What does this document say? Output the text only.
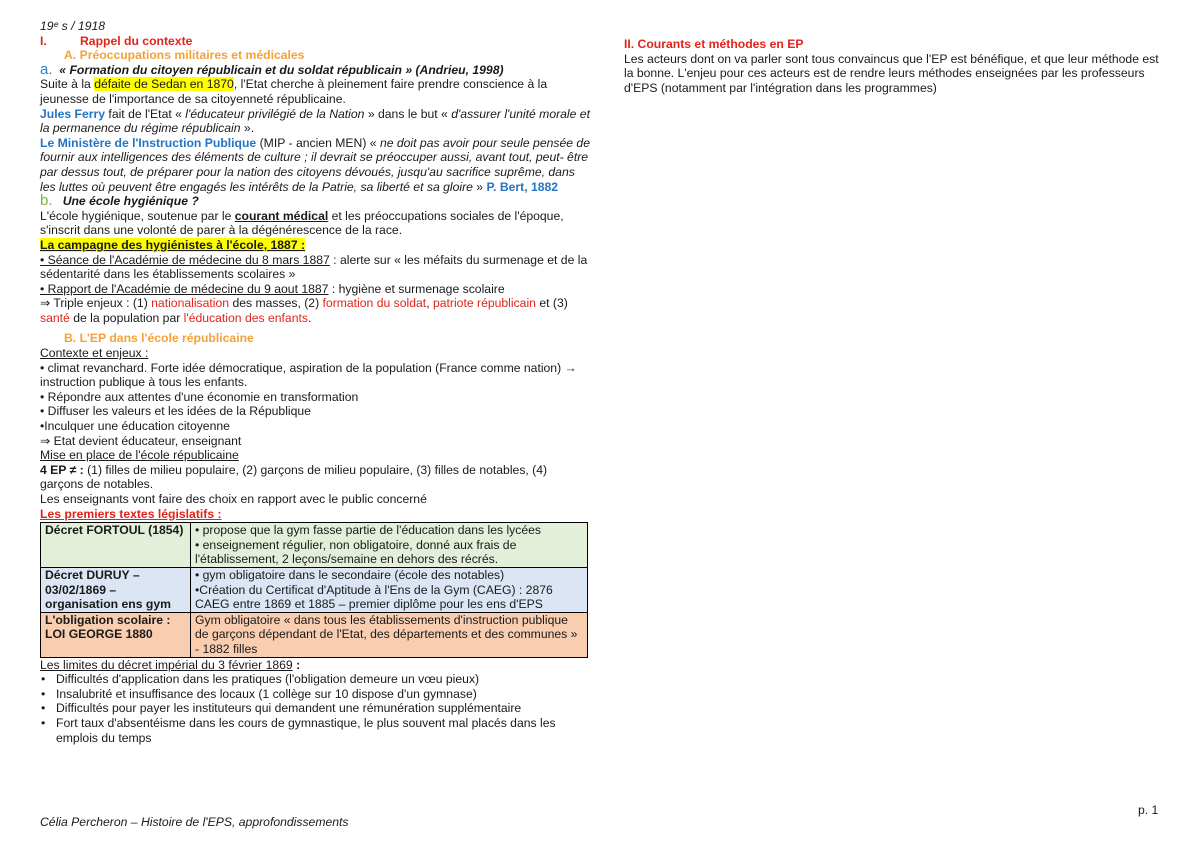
19ᵉ s / 1918

I.	Rappel du contexte

A. Préoccupations militaires et médicales

a. « Formation du citoyen républicain et du soldat républicain » (Andrieu, 1998)

Suite à la défaite de Sedan en 1870, l'Etat cherche à pleinement faire prendre conscience à la jeunesse de l'importance de sa citoyenneté républicaine.

Jules Ferry fait de l'Etat « l'éducateur privilégié de la Nation » dans le but « d'assurer l'unité morale et la permanence du régime républicain ».

Le Ministère de l'Instruction Publique (MIP - ancien MEN) « ne doit pas avoir pour seule pensée de fournir aux intelligences des éléments de culture ; il devrait se préoccuper aussi, avant tout, peut- être par dessus tout, de préparer pour la nation des citoyens dévoués, jusqu'au sacrifice suprême, dans les luttes où peuvent être engagés les intérêts de la Patrie, sa liberté et sa gloire » P. Bert, 1882

b. Une école hygiénique ?

L'école hygiénique, soutenue par le courant médical et les préoccupations sociales de l'époque, s'inscrit dans une volonté de parer à la dégénérescence de la race.

La campagne des hygiénistes à l'école, 1887 :

• Séance de l'Académie de médecine du 8 mars 1887 : alerte sur « les méfaits du surmenage et de la sédentarité dans les établissements scolaires »

• Rapport de l'Académie de médecine du 9 aout 1887 : hygiène et surmenage scolaire

⇒ Triple enjeux : (1) nationalisation des masses, (2) formation du soldat, patriote républicain et (3) santé de la population par l'éducation des enfants.

B. L'EP dans l'école républicaine

Contexte et enjeux :

• climat revanchard. Forte idée démocratique, aspiration de la population (France comme nation) → instruction publique à tous les enfants.

• Répondre aux attentes d'une économie en transformation

• Diffuser les valeurs et les idées de la République

•Inculquer une éducation citoyenne

⇒ Etat devient éducateur, enseignant

Mise en place de l'école républicaine

4 EP ≠ : (1) filles de milieu populaire, (2) garçons de milieu populaire, (3) filles de notables, (4) garçons de notables.

Les enseignants vont faire des choix en rapport avec le public concerné

Les premiers textes législatifs :

Décret FORTOUL (1854)	• propose que la gym fasse partie de l'éducation dans les lycées
• enseignement régulier, non obligatoire, donné aux frais de l'établissement, 2 leçons/semaine en dehors des récrés.
Décret DURUY – 03/02/1869 – organisation ens gym	• gym obligatoire dans le secondaire (école des notables)
•Création du Certificat d'Aptitude à l'Ens de la Gym (CAEG) : 2876 CAEG entre 1869 et 1885 – premier diplôme pour les ens d'EPS
L'obligation scolaire : LOI GEORGE 1880	Gym obligatoire « dans tous les établissements d'instruction publique de garçons dépendant de l'Etat, des départements et des communes » - 1882 filles

Les limites du décret impérial du 3 février 1869 :

• Difficultés d'application dans les pratiques (l'obligation demeure un vœu pieux)
• Insalubrité et insuffisance des locaux (1 collège sur 10 dispose d'un gymnase)
• Difficultés pour payer les instituteurs qui demandent une rémunération supplémentaire
• Fort taux d'absentéisme dans les cours de gymnastique, le plus souvent mal placés dans les emplois du temps

II. Courants et méthodes en EP

Les acteurs dont on va parler sont tous convaincus que l'EP est bénéfique, et que leur méthode est la bonne. L'enjeu pour ces acteurs est de rendre leurs méthodes enseignées par les professeurs d'EPS (notamment par l'intégration dans les programmes)

Célia Percheron – Histoire de l'EPS, approfondissements
p. 1
